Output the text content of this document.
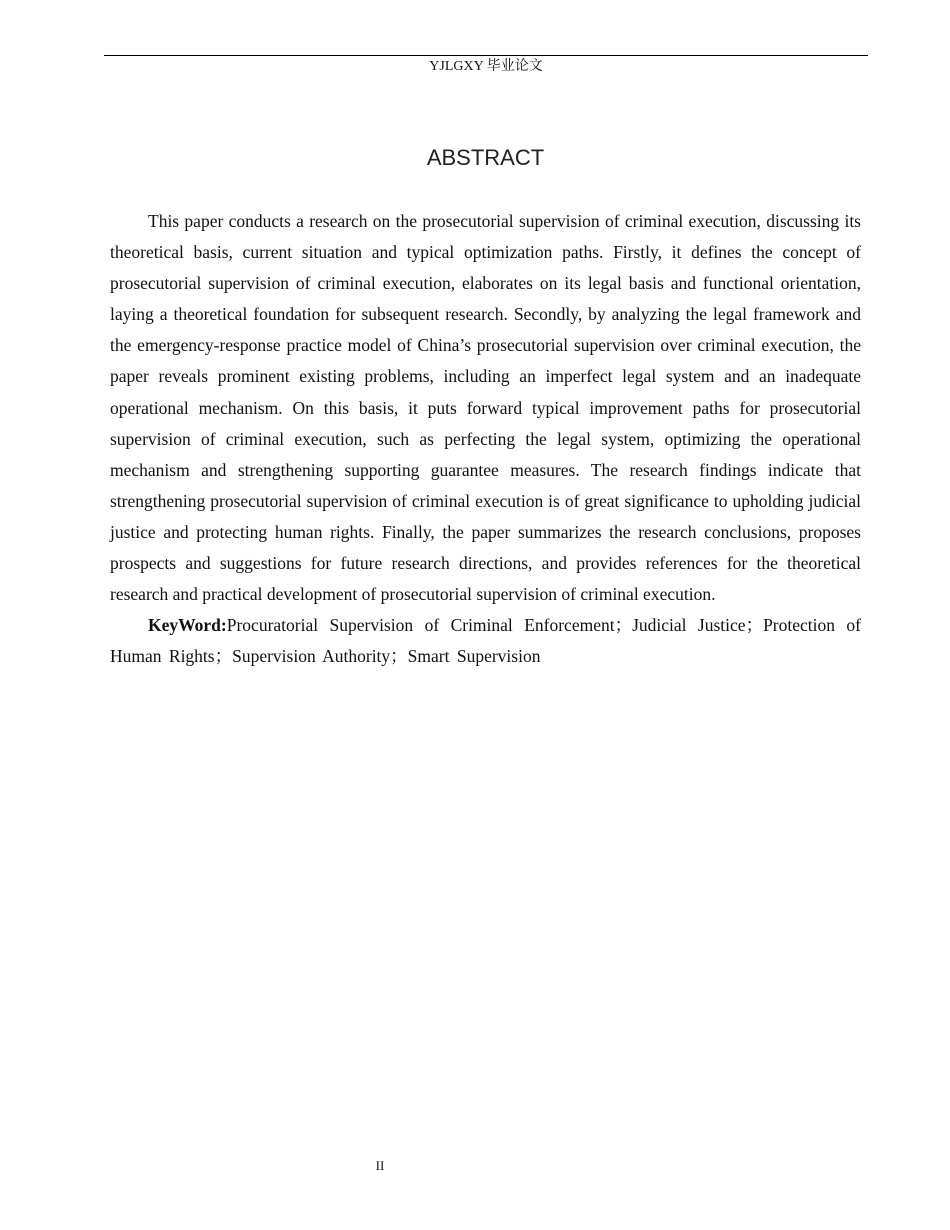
YJLGXY 毕业论文
ABSTRACT

This paper conducts a research on the prosecutorial supervision of criminal execution, discussing its theoretical basis, current situation and typical optimization paths. Firstly, it defines the concept of prosecutorial supervision of criminal execution, elaborates on its legal basis and functional orientation, laying a theoretical foundation for subsequent research. Secondly, by analyzing the legal framework and the emergency-response practice model of China’s prosecutorial supervision over criminal execution, the paper reveals prominent existing problems, including an imperfect legal system and an inadequate operational mechanism. On this basis, it puts forward typical improvement paths for prosecutorial supervision of criminal execution, such as perfecting the legal system, optimizing the operational mechanism and strengthening supporting guarantee measures. The research findings indicate that strengthening prosecutorial supervision of criminal execution is of great significance to upholding judicial justice and protecting human rights. Finally, the paper summarizes the research conclusions, proposes prospects and suggestions for future research directions, and provides references for the theoretical research and practical development of prosecutorial supervision of criminal execution.

KeyWord:Procuratorial Supervision of Criminal Enforcement；Judicial Justice；Protection of Human Rights；Supervision Authority；Smart Supervision

II
